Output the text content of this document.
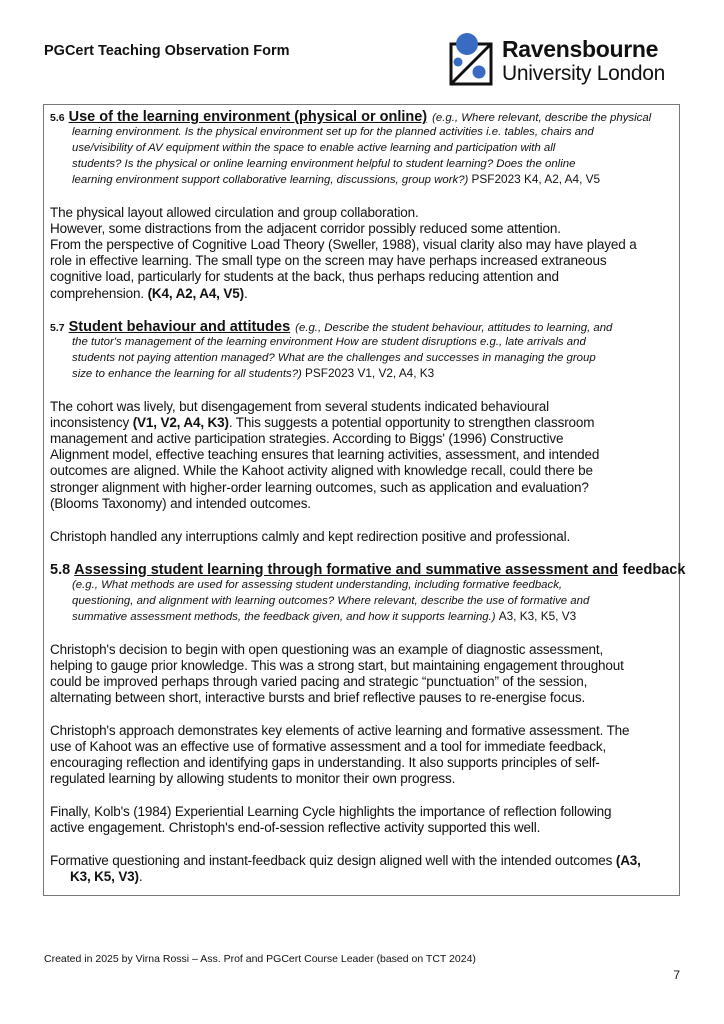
PGCert Teaching Observation Form	Ravensbourne
University London
5.6 Use of the learning environment (physical or online) (e.g., Where relevant, describe the physical
learning environment. Is the physical environment set up for the planned activities i.e. tables, chairs and
use/visibility of AV equipment within the space to enable active learning and participation with all
students? Is the physical or online learning environment helpful to student learning? Does the online
learning environment support collaborative learning, discussions, group work?) PSF2023 K4, A2, A4, V5
The physical layout allowed circulation and group collaboration.
However, some distractions from the adjacent corridor possibly reduced some attention.
From the perspective of Cognitive Load Theory (Sweller, 1988), visual clarity also may have played a
role in effective learning. The small type on the screen may have perhaps increased extraneous
cognitive load, particularly for students at the back, thus perhaps reducing attention and
comprehension. (K4, A2, A4, V5).
5.7 Student behaviour and attitudes (e.g., Describe the student behaviour, attitudes to learning, and
the tutor's management of the learning environment How are student disruptions e.g., late arrivals and
students not paying attention managed? What are the challenges and successes in managing the group
size to enhance the learning for all students?) PSF2023 V1, V2, A4, K3
The cohort was lively, but disengagement from several students indicated behavioural
inconsistency (V1, V2, A4, K3). This suggests a potential opportunity to strengthen classroom
management and active participation strategies. According to Biggs' (1996) Constructive
Alignment model, effective teaching ensures that learning activities, assessment, and intended
outcomes are aligned. While the Kahoot activity aligned with knowledge recall, could there be
stronger alignment with higher-order learning outcomes, such as application and evaluation?
(Blooms Taxonomy) and intended outcomes.
Christoph handled any interruptions calmly and kept redirection positive and professional.
5.8 Assessing student learning through formative and summative assessment and feedback
(e.g., What methods are used for assessing student understanding, including formative feedback,
questioning, and alignment with learning outcomes? Where relevant, describe the use of formative and
summative assessment methods, the feedback given, and how it supports learning.) A3, K3, K5, V3
Christoph's decision to begin with open questioning was an example of diagnostic assessment,
helping to gauge prior knowledge. This was a strong start, but maintaining engagement throughout
could be improved perhaps through varied pacing and strategic “punctuation” of the session,
alternating between short, interactive bursts and brief reflective pauses to re-energise focus.
Christoph's approach demonstrates key elements of active learning and formative assessment. The
use of Kahoot was an effective use of formative assessment and a tool for immediate feedback,
encouraging reflection and identifying gaps in understanding. It also supports principles of self-
regulated learning by allowing students to monitor their own progress.
Finally, Kolb's (1984) Experiential Learning Cycle highlights the importance of reflection following
active engagement. Christoph's end-of-session reflective activity supported this well.
Formative questioning and instant-feedback quiz design aligned well with the intended outcomes (A3,
K3, K5, V3).
Created in 2025 by Virna Rossi – Ass. Prof and PGCert Course Leader (based on TCT 2024)
7
